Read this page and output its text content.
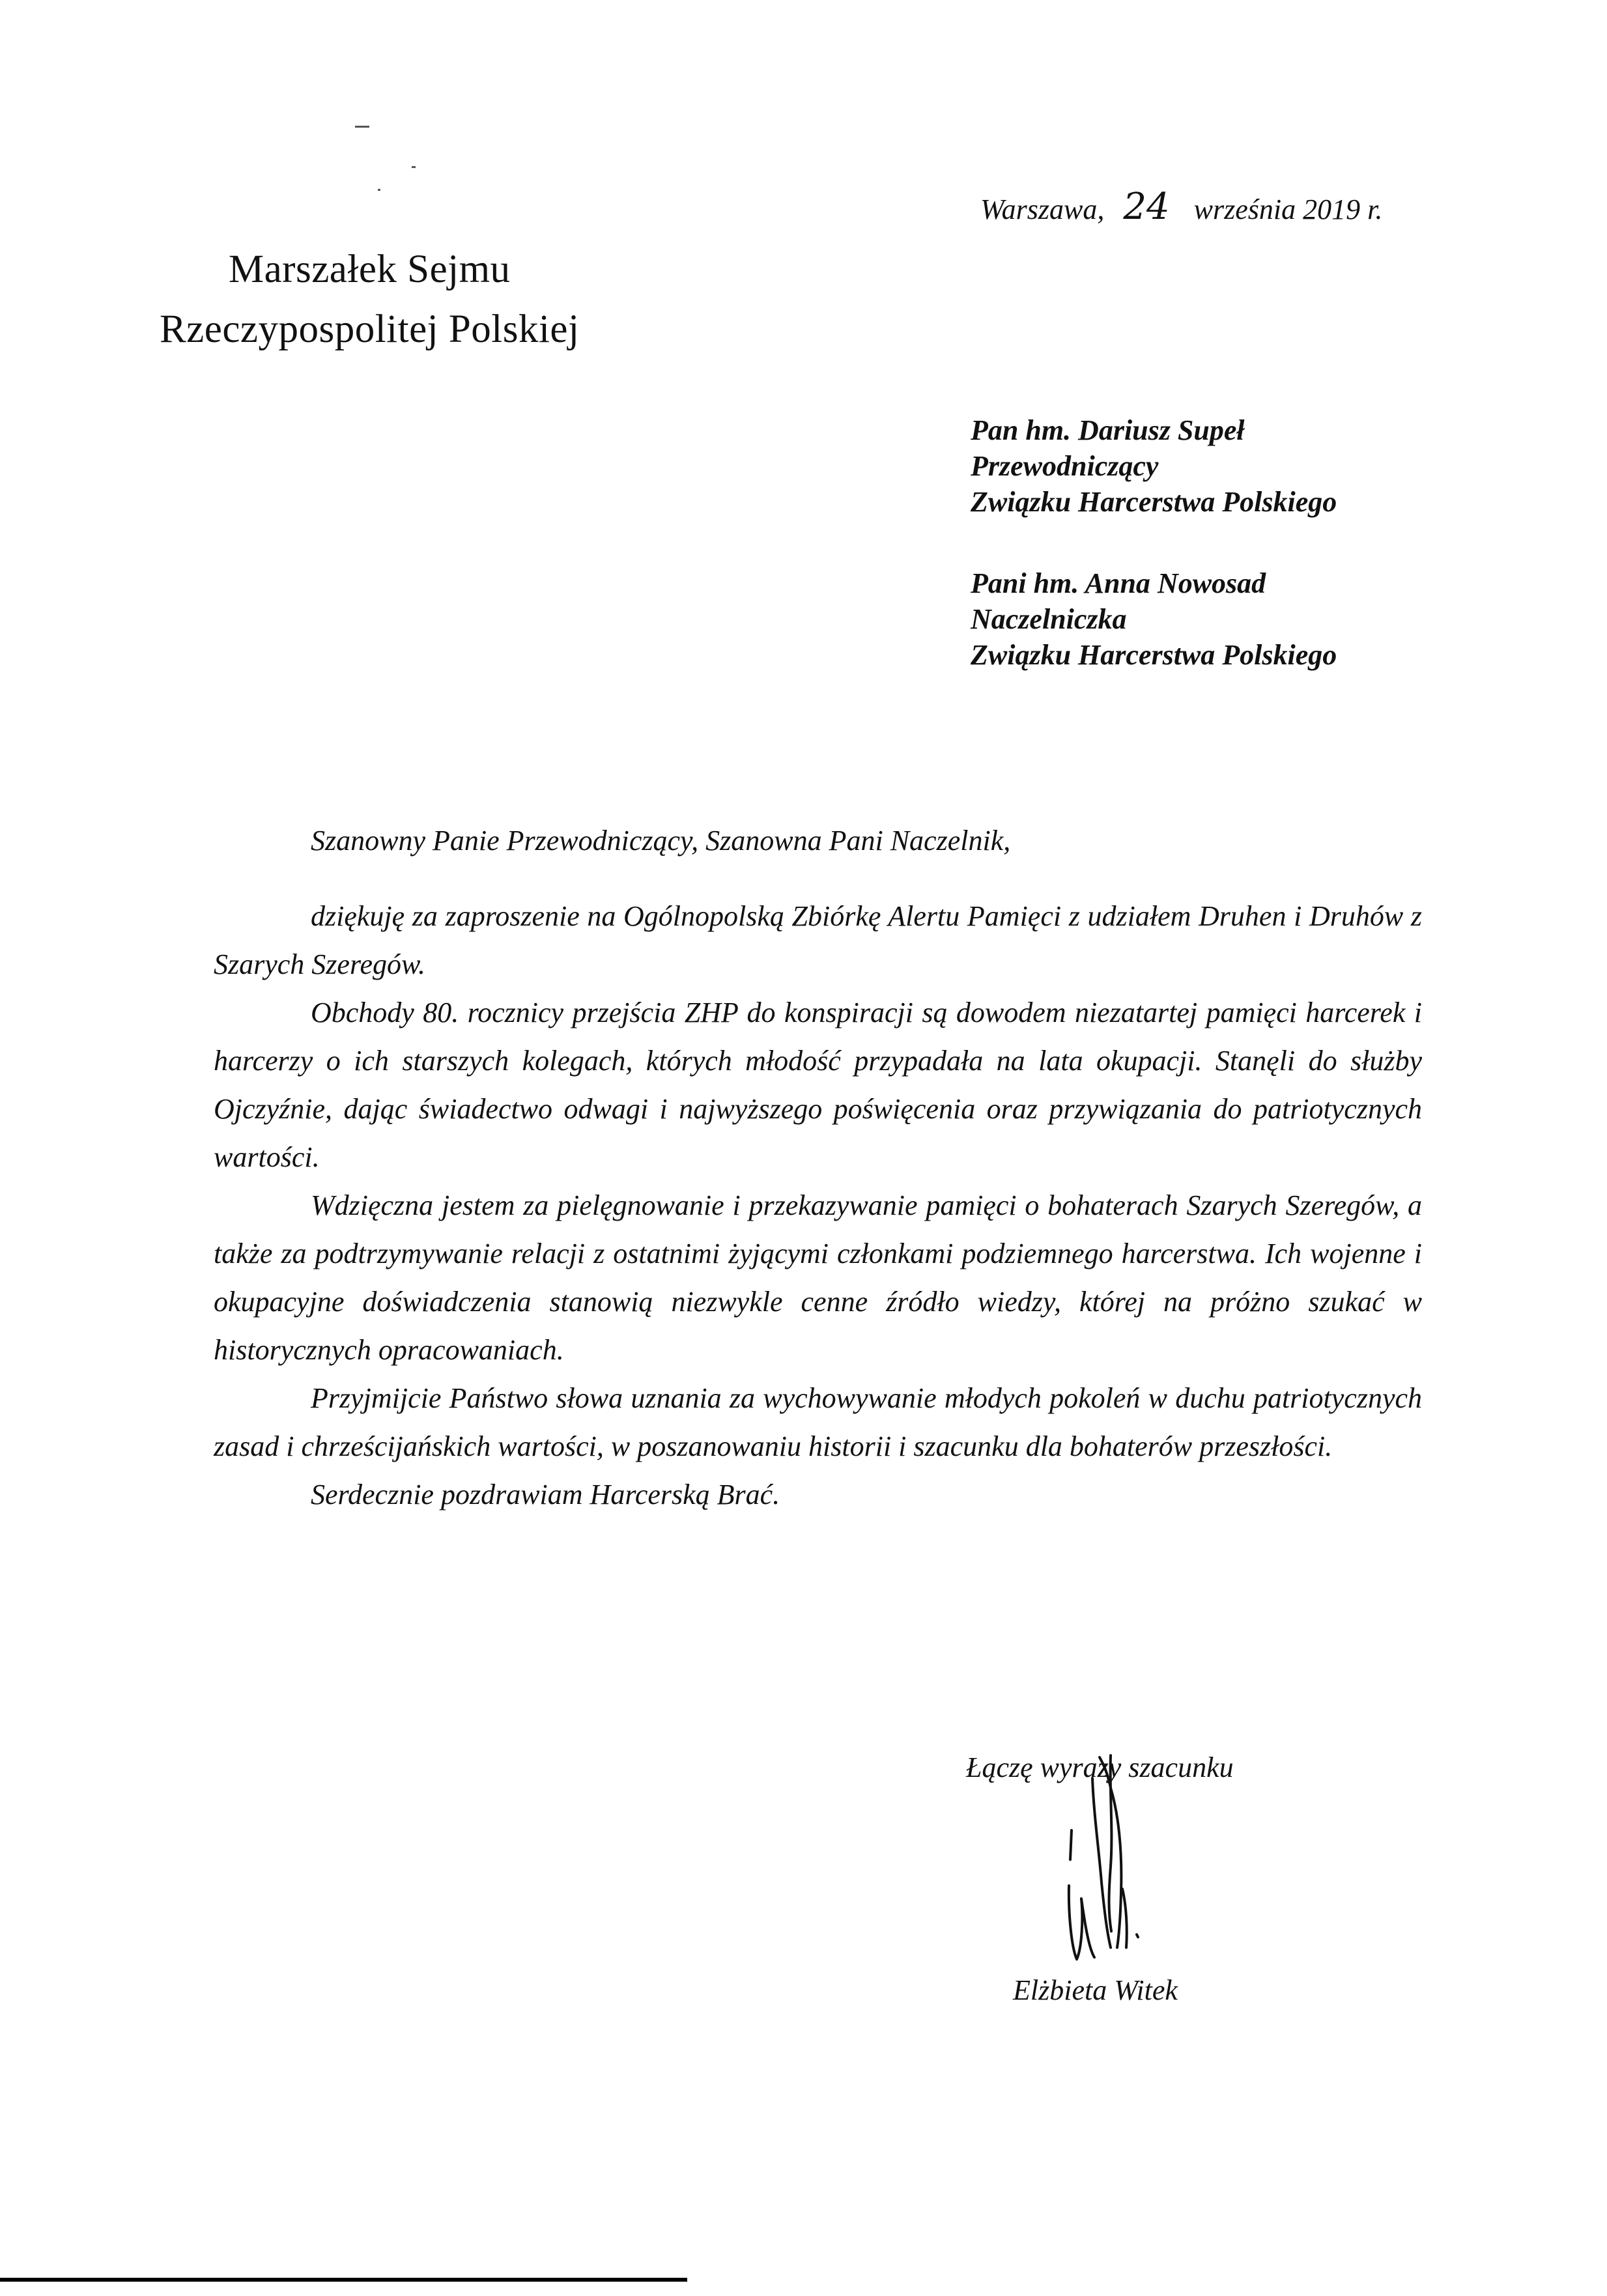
Warszawa, 24 września 2019 r.
Marszałek Sejmu
Rzeczypospolitej Polskiej
Pan hm. Dariusz Supeł
Przewodniczący
Związku Harcerstwa Polskiego
Pani hm. Anna Nowosad
Naczelniczka
Związku Harcerstwa Polskiego
Szanowny Panie Przewodniczący, Szanowna Pani Naczelnik,

dziękuję za zaproszenie na Ogólnopolską Zbiórkę Alertu Pamięci z udziałem Druhen i Druhów z Szarych Szeregów.

Obchody 80. rocznicy przejścia ZHP do konspiracji są dowodem niezatartej pamięci harcerek i harcerzy o ich starszych kolegach, których młodość przypadała na lata okupacji. Stanęli do służby Ojczyźnie, dając świadectwo odwagi i najwyższego poświęcenia oraz przywiązania do patriotycznych wartości.

Wdzięczna jestem za pielęgnowanie i przekazywanie pamięci o bohaterach Szarych Szeregów, a także za podtrzymywanie relacji z ostatnimi żyjącymi członkami podziemnego harcerstwa. Ich wojenne i okupacyjne doświadczenia stanowią niezwykle cenne źródło wiedzy, której na próżno szukać w historycznych opracowaniach.

Przyjmijcie Państwo słowa uznania za wychowywanie młodych pokoleń w duchu patriotycznych zasad i chrześcijańskich wartości, w poszanowaniu historii i szacunku dla bohaterów przeszłości.

Serdecznie pozdrawiam Harcerską Brać.

Łączę wyrazy szacunku
Elżbieta Witek
